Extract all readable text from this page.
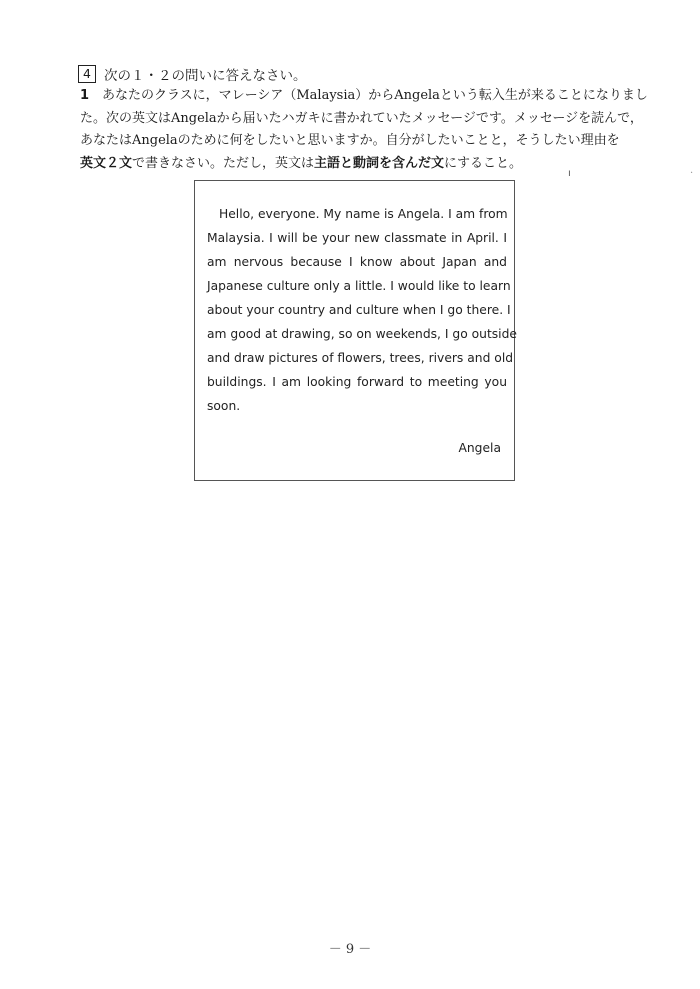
4 次の１・２の問いに答えなさい。
1 あなたのクラスに，マレーシア（Malaysia）からAngelaという転入生が来ることになりまし
た。次の英文はAngelaから届いたハガキに書かれていたメッセージです。メッセージを読んで，
あなたはAngelaのために何をしたいと思いますか。自分がしたいことと，そうしたい理由を
英文２文で書きなさい。ただし，英文は主語と動詞を含んだ文にすること。
ı	·
Hello, everyone. My name is Angela. I am from
Malaysia. I will be your new classmate in April. I
am nervous because I know about Japan and
Japanese culture only a little. I would like to learn
about your country and culture when I go there. I
am good at drawing, so on weekends, I go outside
and draw pictures of flowers, trees, rivers and old
buildings. I am looking forward to meeting you
soon.
Angela
－ 9 －
